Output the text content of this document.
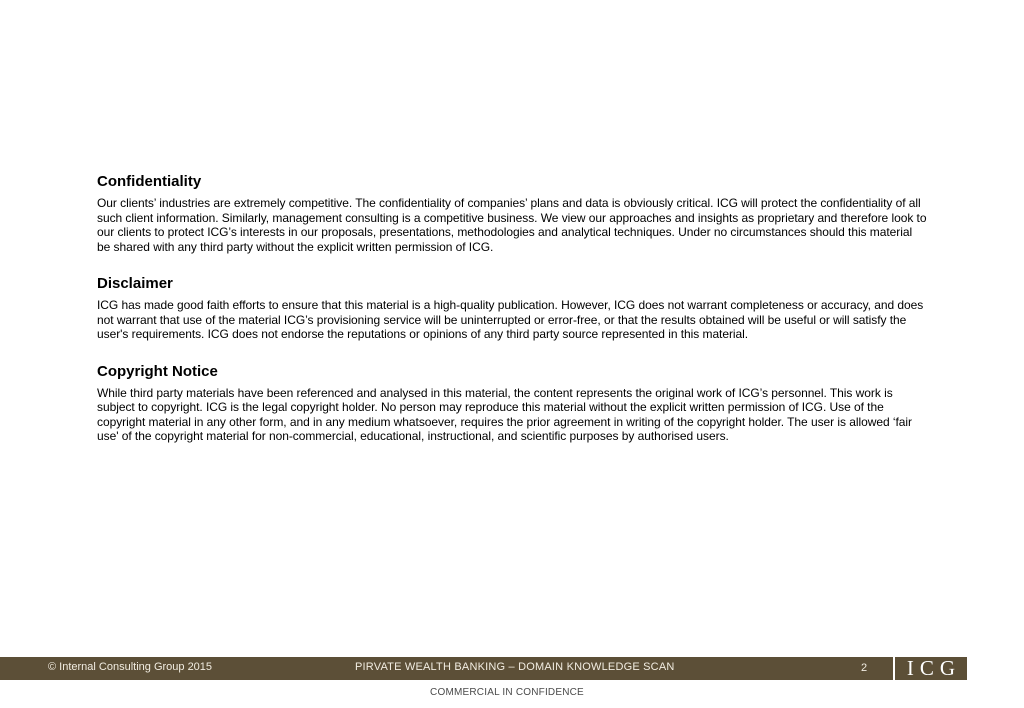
Confidentiality

Our clients’ industries are extremely competitive. The confidentiality of companies’ plans and data is obviously critical. ICG will protect the confidentiality of all such client information. Similarly, management consulting is a competitive business. We view our approaches and insights as proprietary and therefore look to our clients to protect ICG’s interests in our proposals, presentations, methodologies and analytical techniques. Under no circumstances should this material be shared with any third party without the explicit written permission of ICG.

Disclaimer

ICG has made good faith efforts to ensure that this material is a high-quality publication. However, ICG does not warrant completeness or accuracy, and does not warrant that use of the material ICG’s provisioning service will be uninterrupted or error-free, or that the results obtained will be useful or will satisfy the user's requirements. ICG does not endorse the reputations or opinions of any third party source represented in this material.

Copyright Notice

While third party materials have been referenced and analysed in this material, the content represents the original work of ICG’s personnel. This work is subject to copyright. ICG is the legal copyright holder. No person may reproduce this material without the explicit written permission of ICG. Use of the copyright material in any other form, and in any medium whatsoever, requires the prior agreement in writing of the copyright holder. The user is allowed ‘fair use' of the copyright material for non-commercial, educational, instructional, and scientific purposes by authorised users.

© Internal Consulting Group 2015	PIRVATE WEALTH BANKING – DOMAIN KNOWLEDGE SCAN	2	ICG
COMMERCIAL IN CONFIDENCE
